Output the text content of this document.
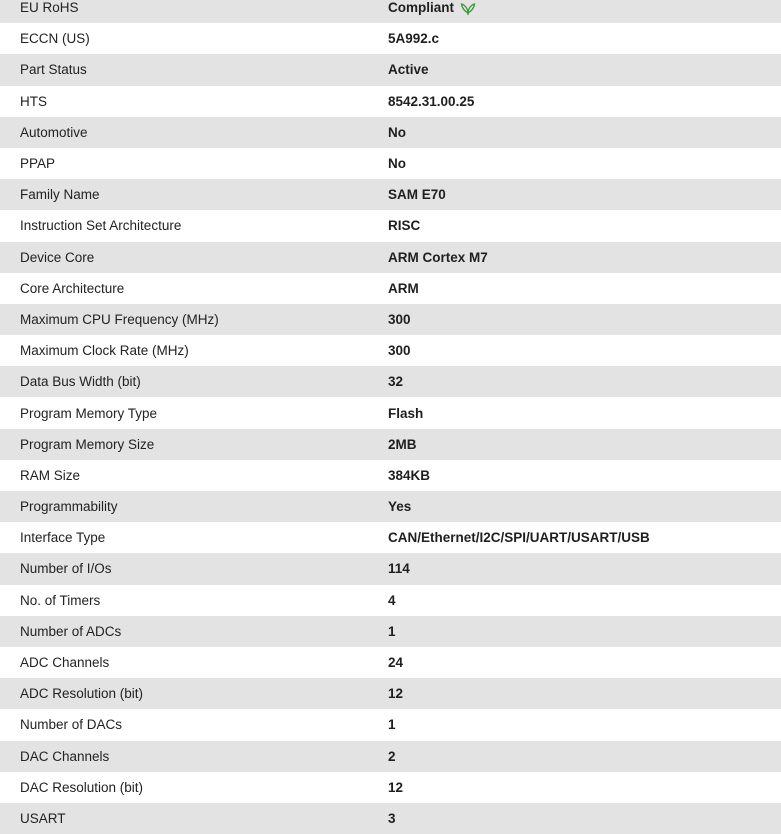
EU RoHS	Compliant
ECCN (US)	5A992.c
Part Status	Active
HTS	8542.31.00.25
Automotive	No
PPAP	No
Family Name	SAM E70
Instruction Set Architecture	RISC
Device Core	ARM Cortex M7
Core Architecture	ARM
Maximum CPU Frequency (MHz)	300
Maximum Clock Rate (MHz)	300
Data Bus Width (bit)	32
Program Memory Type	Flash
Program Memory Size	2MB
RAM Size	384KB
Programmability	Yes
Interface Type	CAN/Ethernet/I2C/SPI/UART/USART/USB
Number of I/Os	114
No. of Timers	4
Number of ADCs	1
ADC Channels	24
ADC Resolution (bit)	12
Number of DACs	1
DAC Channels	2
DAC Resolution (bit)	12
USART	3
